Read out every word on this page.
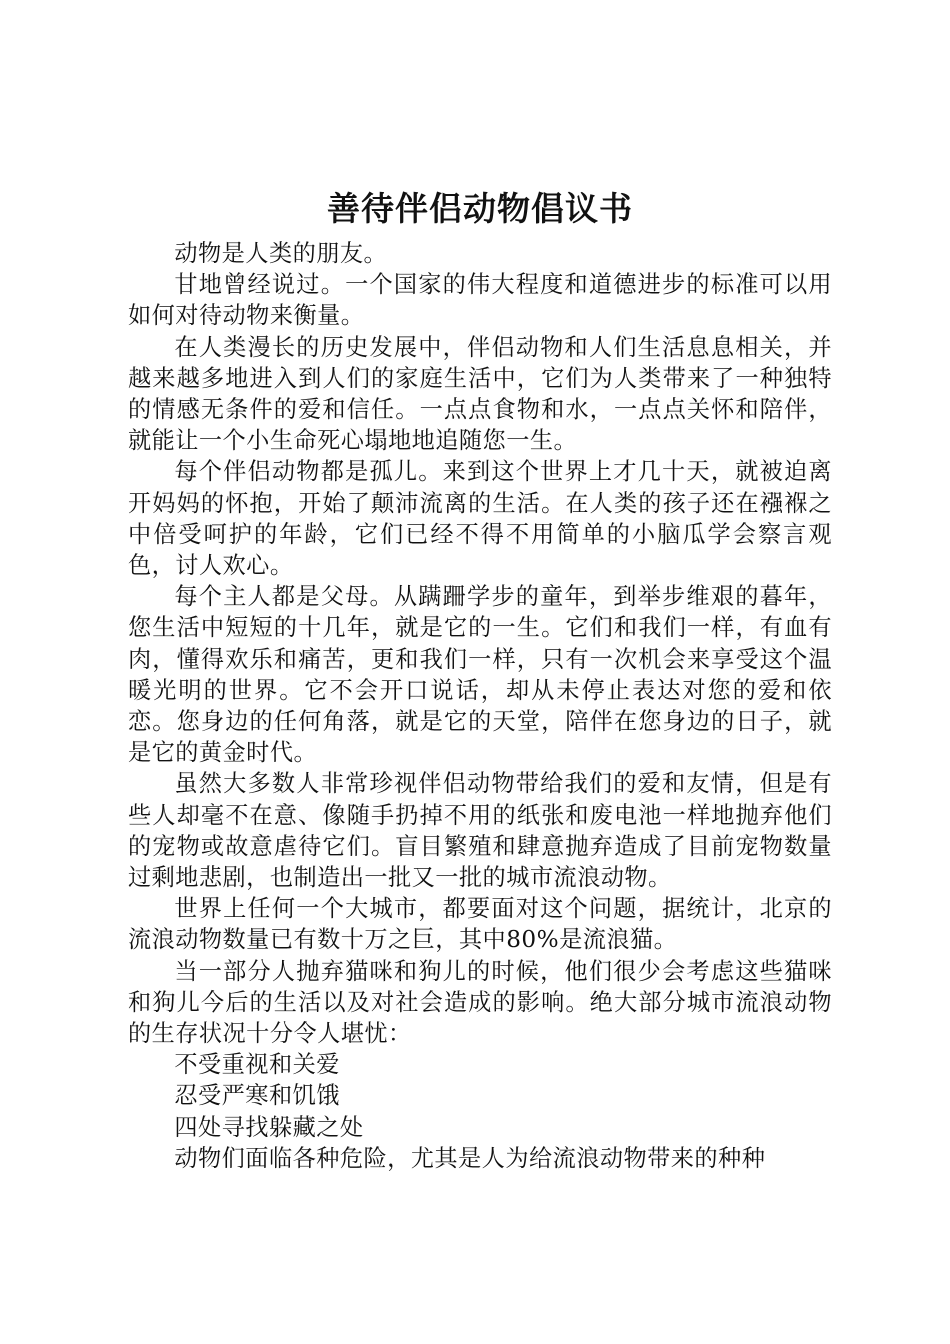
善待伴侣动物倡议书

动物是人类的朋友。

甘地曾经说过。一个国家的伟大程度和道德进步的标准可以用如何对待动物来衡量。

在人类漫长的历史发展中，伴侣动物和人们生活息息相关，并越来越多地进入到人们的家庭生活中，它们为人类带来了一种独特的情感无条件的爱和信任。一点点食物和水，一点点关怀和陪伴，就能让一个小生命死心塌地地追随您一生。

每个伴侣动物都是孤儿。来到这个世界上才几十天，就被迫离开妈妈的怀抱，开始了颠沛流离的生活。在人类的孩子还在襁褓之中倍受呵护的年龄，它们已经不得不用简单的小脑瓜学会察言观色，讨人欢心。

每个主人都是父母。从蹒跚学步的童年，到举步维艰的暮年，您生活中短短的十几年，就是它的一生。它们和我们一样，有血有肉，懂得欢乐和痛苦，更和我们一样，只有一次机会来享受这个温暖光明的世界。它不会开口说话，却从未停止表达对您的爱和依恋。您身边的任何角落，就是它的天堂，陪伴在您身边的日子，就是它的黄金时代。

虽然大多数人非常珍视伴侣动物带给我们的爱和友情，但是有些人却毫不在意、像随手扔掉不用的纸张和废电池一样地抛弃他们的宠物或故意虐待它们。盲目繁殖和肆意抛弃造成了目前宠物数量过剩地悲剧，也制造出一批又一批的城市流浪动物。

世界上任何一个大城市，都要面对这个问题，据统计，北京的流浪动物数量已有数十万之巨，其中80%是流浪猫。

当一部分人抛弃猫咪和狗儿的时候，他们很少会考虑这些猫咪和狗儿今后的生活以及对社会造成的影响。绝大部分城市流浪动物的生存状况十分令人堪忧：

不受重视和关爱

忍受严寒和饥饿

四处寻找躲藏之处

动物们面临各种危险，尤其是人为给流浪动物带来的种种
